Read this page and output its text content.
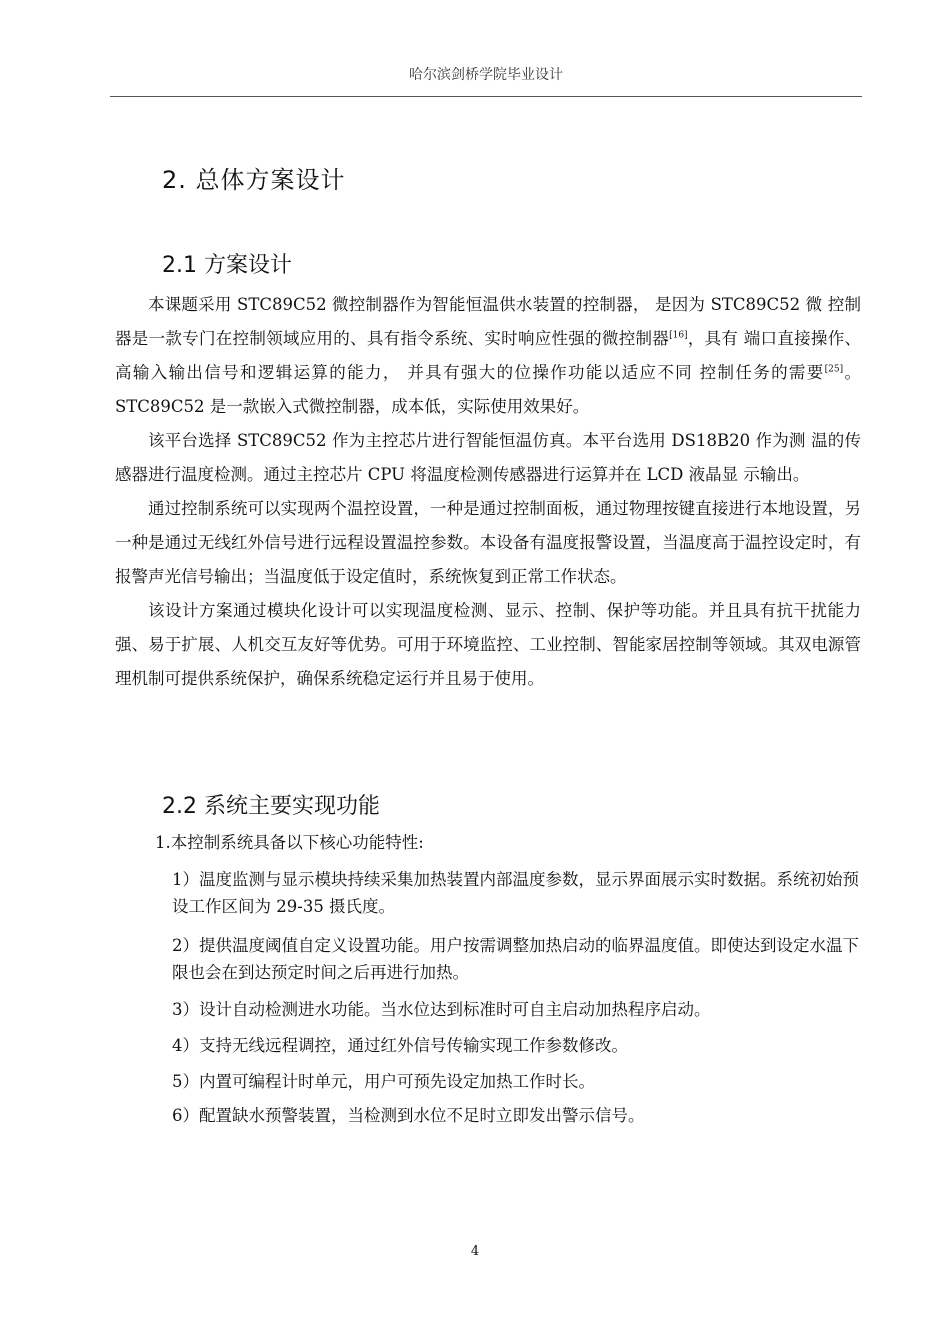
哈尔滨剑桥学院毕业设计
2. 总体方案设计
2.1 方案设计

本课题采用 STC89C52 微控制器作为智能恒温供水装置的控制器， 是因为 STC89C52 微 控制器是一款专门在控制领域应用的、具有指令系统、实时响应性强的微控制器[16]，具有 端口直接操作、高输入输出信号和逻辑运算的能力， 并具有强大的位操作功能以适应不同 控制任务的需要[25]。STC89C52 是一款嵌入式微控制器，成本低，实际使用效果好。

该平台选择 STC89C52 作为主控芯片进行智能恒温仿真。本平台选用 DS18B20 作为测 温的传感器进行温度检测。通过主控芯片 CPU 将温度检测传感器进行运算并在 LCD 液晶显 示输出。

通过控制系统可以实现两个温控设置，一种是通过控制面板，通过物理按键直接进行本地设置，另一种是通过无线红外信号进行远程设置温控参数。本设备有温度报警设置，当温度高于温控设定时，有报警声光信号输出；当温度低于设定值时，系统恢复到正常工作状态。

该设计方案通过模块化设计可以实现温度检测、显示、控制、保护等功能。并且具有抗干扰能力强、易于扩展、人机交互友好等优势。可用于环境监控、工业控制、智能家居控制等领域。其双电源管理机制可提供系统保护，确保系统稳定运行并且易于使用。

2.2 系统主要实现功能
1.本控制系统具备以下核心功能特性:
1）温度监测与显示模块持续采集加热装置内部温度参数，显示界面展示实时数据。系统初始预设工作区间为 29-35 摄氏度。
2）提供温度阈值自定义设置功能。用户按需调整加热启动的临界温度值。即使达到设定水温下限也会在到达预定时间之后再进行加热。
3）设计自动检测进水功能。当水位达到标准时可自主启动加热程序启动。
4）支持无线远程调控，通过红外信号传输实现工作参数修改。
5）内置可编程计时单元，用户可预先设定加热工作时长。
6）配置缺水预警装置，当检测到水位不足时立即发出警示信号。
4
